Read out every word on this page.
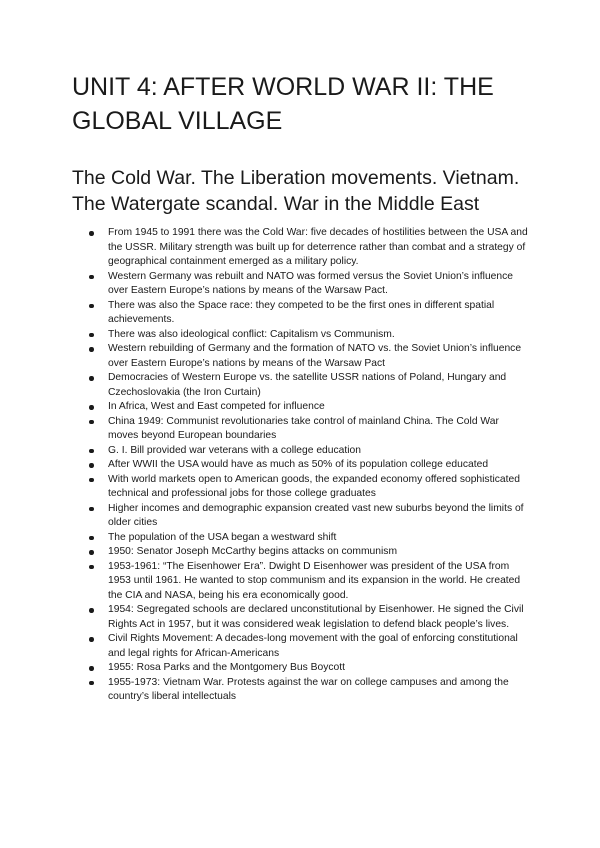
UNIT 4: AFTER WORLD WAR II: THE GLOBAL VILLAGE
The Cold War. The Liberation movements. Vietnam. The Watergate scandal. War in the Middle East
From 1945 to 1991 there was the Cold War: five decades of hostilities between the USA and the USSR. Military strength was built up for deterrence rather than combat and a strategy of geographical containment emerged as a military policy.
Western Germany was rebuilt and NATO was formed versus the Soviet Union’s influence over Eastern Europe’s nations by means of the Warsaw Pact.
There was also the Space race: they competed to be the first ones in different spatial achievements.
There was also ideological conflict: Capitalism vs Communism.
Western rebuilding of Germany and the formation of NATO vs. the Soviet Union’s influence over Eastern Europe’s nations by means of the Warsaw Pact
Democracies of Western Europe vs. the satellite USSR nations of Poland, Hungary and Czechoslovakia (the Iron Curtain)
In Africa, West and East competed for influence
China 1949: Communist revolutionaries take control of mainland China. The Cold War moves beyond European boundaries
G. I. Bill provided war veterans with a college education
After WWII the USA would have as much as 50% of its population college educated
With world markets open to American goods, the expanded economy offered sophisticated technical and professional jobs for those college graduates
Higher incomes and demographic expansion created vast new suburbs beyond the limits of older cities
The population of the USA began a westward shift
1950: Senator Joseph McCarthy begins attacks on communism
1953-1961: “The Eisenhower Era”. Dwight D Eisenhower was president of the USA from 1953 until 1961. He wanted to stop communism and its expansion in the world. He created the CIA and NASA, being his era economically good.
1954: Segregated schools are declared unconstitutional by Eisenhower. He signed the Civil Rights Act in 1957, but it was considered weak legislation to defend black people’s lives.
Civil Rights Movement: A decades-long movement with the goal of enforcing constitutional and legal rights for African-Americans
1955: Rosa Parks and the Montgomery Bus Boycott
1955-1973: Vietnam War. Protests against the war on college campuses and among the country’s liberal intellectuals
